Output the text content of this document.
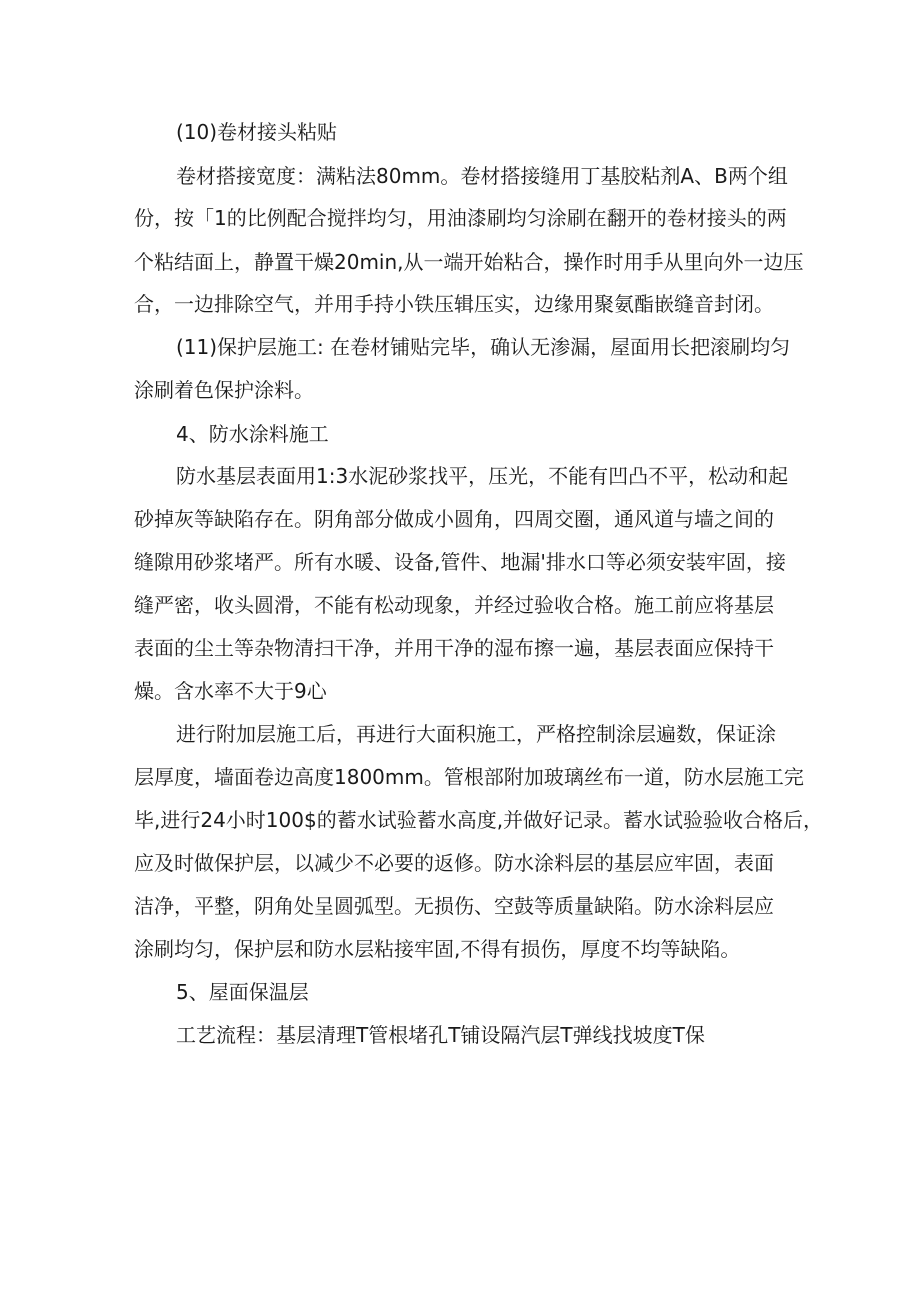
(10)卷材接头粘贴

卷材搭接宽度：满粘法80mm。卷材搭接缝用丁基胶粘剂A、B两个组

份，按「1的比例配合搅拌均匀，用油漆刷均匀涂刷在翻开的卷材接头的两

个粘结面上，静置干燥20min,从一端开始粘合，操作时用手从里向外一边压

合，一边排除空气，并用手持小铁压辑压实，边缘用聚氨酯嵌缝音封闭。

(11)保护层施工: 在卷材铺贴完毕，确认无渗漏，屋面用长把滚刷均匀

涂刷着色保护涂料。

4、防水涂料施工

防水基层表面用1:3水泥砂浆找平，压光，不能有凹凸不平，松动和起

砂掉灰等缺陷存在。阴角部分做成小圆角，四周交圈，通风道与墙之间的

缝隙用砂浆堵严。所有水暖、设备,管件、地漏'排水口等必须安装牢固，接

缝严密，收头圆滑，不能有松动现象，并经过验收合格。施工前应将基层

表面的尘土等杂物清扫干净，并用干净的湿布擦一遍，基层表面应保持干

燥。含水率不大于9心

进行附加层施工后，再进行大面积施工，严格控制涂层遍数，保证涂

层厚度，墙面卷边高度1800mm。管根部附加玻璃丝布一道，防水层施工完

毕,进行24小时100$的蓄水试验蓄水高度,并做好记录。蓄水试验验收合格后，

应及时做保护层，以减少不必要的返修。防水涂料层的基层应牢固，表面

洁净，平整，阴角处呈圆弧型。无损伤、空鼓等质量缺陷。防水涂料层应

涂刷均匀，保护层和防水层粘接牢固,不得有损伤，厚度不均等缺陷。

5、屋面保温层

工艺流程：基层清理T管根堵孔T铺设隔汽层T弹线找坡度T保
